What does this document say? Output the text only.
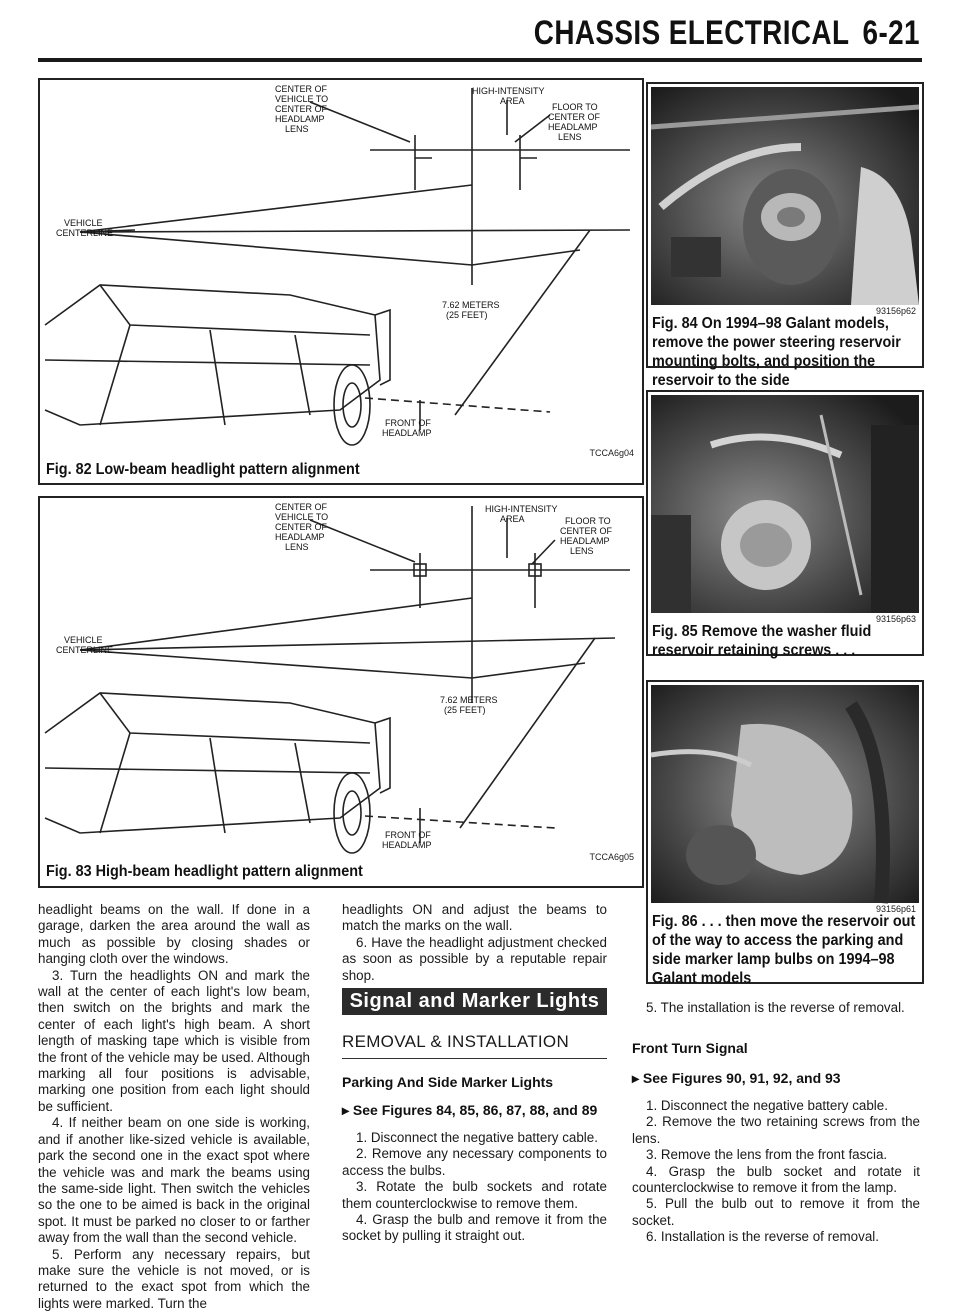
CHASSIS ELECTRICAL 6-21
CENTER OF
VEHICLE TO
CENTER OF
HEADLAMP
LENS
HIGH-INTENSITY
AREA
FLOOR TO
CENTER OF
HEADLAMP
LENS
VEHICLE
CENTERLINE
7.62 METERS
(25 FEET)
FRONT OF
HEADLAMP
TCCA6g04
Fig. 82 Low-beam headlight pattern alignment
CENTER OF
VEHICLE TO
CENTER OF
HEADLAMP
LENS
HIGH-INTENSITY
AREA	FLOOR TO
CENTER OF
HEADLAMP
LENS
VEHICLE
CENTERLINE
7.62 METERS
(25 FEET)
FRONT OF
HEADLAMP
TCCA6g05
Fig. 83 High-beam headlight pattern alignment
93156p62
Fig. 84 On 1994–98 Galant models, remove the power steering reservoir mounting bolts, and position the reservoir to the side
93156p63
Fig. 85 Remove the washer fluid reservoir retaining screws . . .
93156p61
Fig. 86 . . . then move the reservoir out of the way to access the parking and side marker lamp bulbs on 1994–98 Galant models

headlight beams on the wall. If done in a garage, darken the area around the wall as much as possible by closing shades or hanging cloth over the windows.

3. Turn the headlights ON and mark the wall at the center of each light's low beam, then switch on the brights and mark the center of each light's high beam. A short length of masking tape which is visible from the front of the vehicle may be used. Although marking all four positions is advisable, marking one position from each light should be sufficient.

4. If neither beam on one side is working, and if another like-sized vehicle is available, park the second one in the exact spot where the vehicle was and mark the beams using the same-side light. Then switch the vehicles so the one to be aimed is back in the original spot. It must be parked no closer to or farther away from the wall than the second vehicle.

5. Perform any necessary repairs, but make sure the vehicle is not moved, or is returned to the exact spot from which the lights were marked. Turn the

headlights ON and adjust the beams to match the marks on the wall.

6. Have the headlight adjustment checked as soon as possible by a reputable repair shop.

Signal and Marker Lights
REMOVAL & INSTALLATION
Parking And Side Marker Lights
▸ See Figures 84, 85, 86, 87, 88, and 89

1. Disconnect the negative battery cable.

2. Remove any necessary components to access the bulbs.

3. Rotate the bulb sockets and rotate them counterclockwise to remove them.

4. Grasp the bulb and remove it from the socket by pulling it straight out.

5. The installation is the reverse of removal.

Front Turn Signal
▸ See Figures 90, 91, 92, and 93

1. Disconnect the negative battery cable.

2. Remove the two retaining screws from the lens.

3. Remove the lens from the front fascia.

4. Grasp the bulb socket and rotate it counterclockwise to remove it from the lamp.

5. Pull the bulb out to remove it from the socket.

6. Installation is the reverse of removal.
